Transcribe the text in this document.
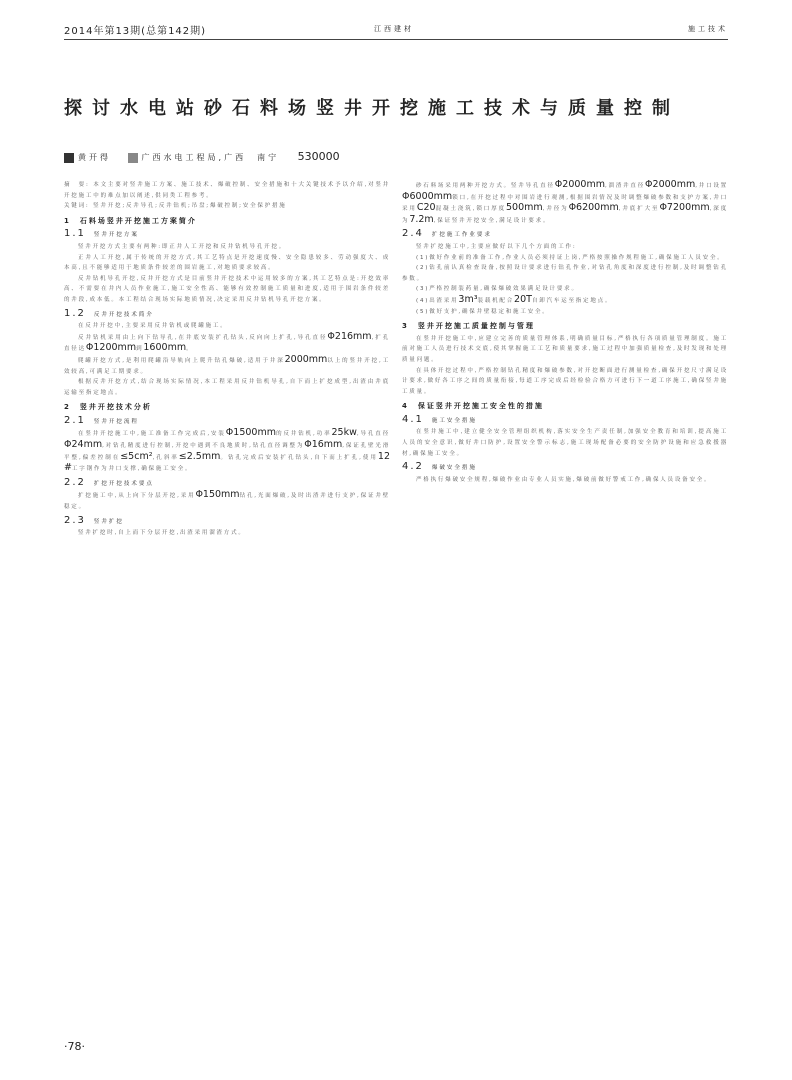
2014年第13期(总第142期)	江西建材	施工技术
探讨水电站砂石料场竖井开挖施工技术与质量控制
黄开得	广西水电工程局,广西　南宁 530000

摘　要: 本文主要对竖井施工方案、施工技术、爆破控制、安全措施和十大关键技术予以介绍,对竖井开挖施工中的难点加以阐述,供同类工程参考。

关键词: 竖井开挖;反井导孔;反井钻机;吊盘;爆破控制;安全保护措施

1　石料场竖井开挖施工方案简介

1.1 竖井开挖方案

竖井开挖方式主要有两种:即正井人工开挖和反井钻机导孔开挖。

正井人工开挖,属于传统的开挖方式,其工艺特点是开挖速度慢、安全隐患较多、劳动强度大、成本高,且不能够适用于地质条件较差的围岩施工,对地质要求较高。

反井钻机导孔开挖,反井开挖方式是目前竖井开挖技术中运用较多的方案,其工艺特点是:开挖效率高、不需要在井内人员作业施工,施工安全性高、能够有效控制施工质量和进度,适用于围岩条件较差的井段,成本低。本工程结合现场实际地质情况,决定采用反井钻机导孔开挖方案。

1.2 反井开挖技术简介

在反井开挖中,主要采用反井钻机或爬罐施工。

反井钻机采用由上向下钻导孔,在井底安装扩孔钻头,反向向上扩孔,导孔直径Φ216mm,扩孔直径达Φ1200mm到1600mm。

爬罐开挖方式,是利用爬罐沿导轨向上爬升钻孔爆破,适用于井深2000mm以上的竖井开挖,工效较高,可满足工期要求。

根据反井开挖方式,结合现场实际情况,本工程采用反井钻机导孔,自下而上扩挖成型,出渣由井底运输至指定地点。

2　竖井开挖技术分析

2.1 竖井开挖流程

在竖井开挖施工中,施工准备工作完成后,安装Φ1500mm的反井钻机,功率25kw,导孔直径Φ24mm,对钻孔精度进行控制,开挖中遇到不良地质时,钻孔直径调整为Φ16mm,保证孔壁光滑平整,偏差控制在≤5cm²,孔斜率≤2.5mm。钻孔完成后安装扩孔钻头,自下而上扩孔,使用12#工字钢作为井口支撑,确保施工安全。

2.2 扩挖开挖技术要点

扩挖施工中,从上向下分层开挖,采用Φ150mm钻孔,光面爆破,及时出渣并进行支护,保证井壁稳定。

2.3 竖井扩挖

竖井扩挖时,自上而下分层开挖,出渣采用溜渣方式。

砂石料场采用两种开挖方式。竖井导孔直径Φ2000mm,溜渣井直径Φ2000mm,井口设置Φ6000mm锁口,在开挖过程中对围岩进行观测,根据围岩情况及时调整爆破参数和支护方案,井口采用C20混凝土浇筑,锁口厚度500mm,井径为Φ6200mm,井底扩大至Φ7200mm,深度为7.2m,保证竖井开挖安全,满足设计要求。

2.4 扩挖施工作业要求

竖井扩挖施工中,主要应做好以下几个方面的工作:

(1)做好作业前的准备工作,作业人员必须持证上岗,严格按照操作规程施工,确保施工人员安全。

(2)钻孔前认真检查设备,按照设计要求进行钻孔作业,对钻孔角度和深度进行控制,及时调整钻孔参数。

(3)严格控制装药量,确保爆破效果满足设计要求。

(4)出渣采用3m³装载机配合20T自卸汽车运至指定地点。

(5)做好支护,确保井壁稳定和施工安全。

3　竖井开挖施工质量控制与管理

在竖井开挖施工中,应建立完善的质量管理体系,明确质量目标,严格执行各项质量管理制度。施工前对施工人员进行技术交底,使其掌握施工工艺和质量要求,施工过程中加强质量检查,及时发现和处理质量问题。

在具体开挖过程中,严格控制钻孔精度和爆破参数,对开挖断面进行测量检查,确保开挖尺寸满足设计要求,做好各工序之间的质量衔接,每道工序完成后经检验合格方可进行下一道工序施工,确保竖井施工质量。

4　保证竖井开挖施工安全性的措施

4.1 施工安全措施

在竖井施工中,建立健全安全管理组织机构,落实安全生产责任制,加强安全教育和培训,提高施工人员的安全意识,做好井口防护,设置安全警示标志,施工现场配备必要的安全防护设施和应急救援器材,确保施工安全。

4.2 爆破安全措施

严格执行爆破安全规程,爆破作业由专业人员实施,爆破前做好警戒工作,确保人员设备安全。

·78·
